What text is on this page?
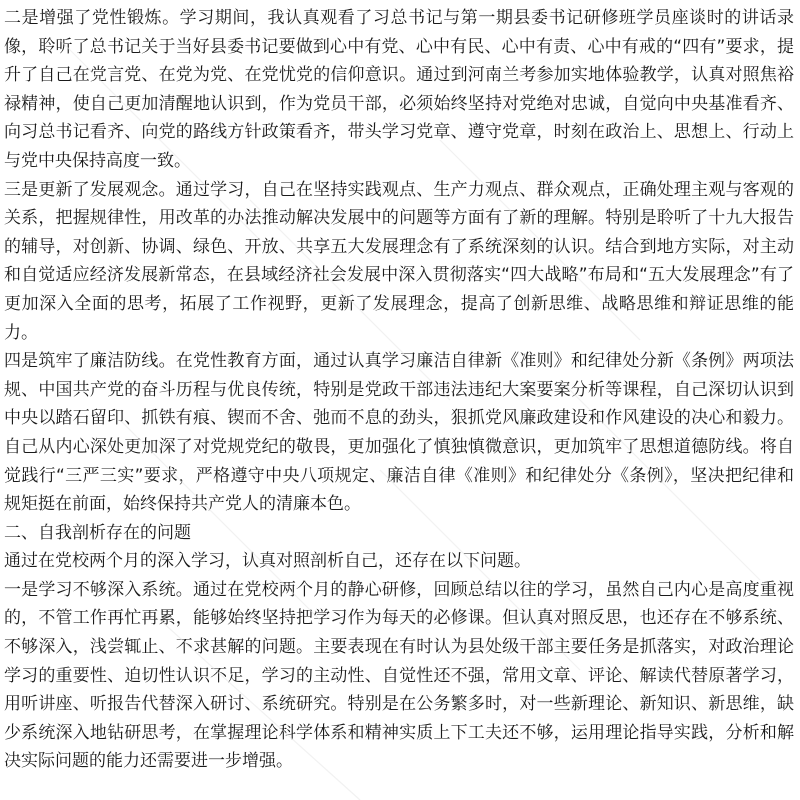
二是增强了党性锻炼。学习期间，我认真观看了习总书记与第一期县委书记研修班学员座谈时的讲话录像，聆听了总书记关于当好县委书记要做到心中有党、心中有民、心中有责、心中有戒的“四有”要求，提升了自己在党言党、在党为党、在党忧党的信仰意识。通过到河南兰考参加实地体验教学，认真对照焦裕禄精神，使自己更加清醒地认识到，作为党员干部，必须始终坚持对党绝对忠诚，自觉向中央基准看齐、向习总书记看齐、向党的路线方针政策看齐，带头学习党章、遵守党章，时刻在政治上、思想上、行动上与党中央保持高度一致。

三是更新了发展观念。通过学习，自己在坚持实践观点、生产力观点、群众观点，正确处理主观与客观的关系，把握规律性，用改革的办法推动解决发展中的问题等方面有了新的理解。特别是聆听了十九大报告的辅导，对创新、协调、绿色、开放、共享五大发展理念有了系统深刻的认识。结合到地方实际，对主动和自觉适应经济发展新常态，在县域经济社会发展中深入贯彻落实“四大战略”布局和“五大发展理念”有了更加深入全面的思考，拓展了工作视野，更新了发展理念，提高了创新思维、战略思维和辩证思维的能力。

四是筑牢了廉洁防线。在党性教育方面，通过认真学习廉洁自律新《准则》和纪律处分新《条例》两项法规、中国共产党的奋斗历程与优良传统，特别是党政干部违法违纪大案要案分析等课程，自己深切认识到中央以踏石留印、抓铁有痕、锲而不舍、弛而不息的劲头，狠抓党风廉政建设和作风建设的决心和毅力。自己从内心深处更加深了对党规党纪的敬畏，更加强化了慎独慎微意识，更加筑牢了思想道德防线。将自觉践行“三严三实”要求，严格遵守中央八项规定、廉洁自律《准则》和纪律处分《条例》，坚决把纪律和规矩挺在前面，始终保持共产党人的清廉本色。

二、自我剖析存在的问题

通过在党校两个月的深入学习，认真对照剖析自己，还存在以下问题。

一是学习不够深入系统。通过在党校两个月的静心研修，回顾总结以往的学习，虽然自己内心是高度重视的，不管工作再忙再累，能够始终坚持把学习作为每天的必修课。但认真对照反思，也还存在不够系统、不够深入，浅尝辄止、不求甚解的问题。主要表现在有时认为县处级干部主要任务是抓落实，对政治理论学习的重要性、迫切性认识不足，学习的主动性、自觉性还不强，常用文章、评论、解读代替原著学习，用听讲座、听报告代替深入研讨、系统研究。特别是在公务繁多时，对一些新理论、新知识、新思维，缺少系统深入地钻研思考，在掌握理论科学体系和精神实质上下工夫还不够，运用理论指导实践，分析和解决实际问题的能力还需要进一步增强。
